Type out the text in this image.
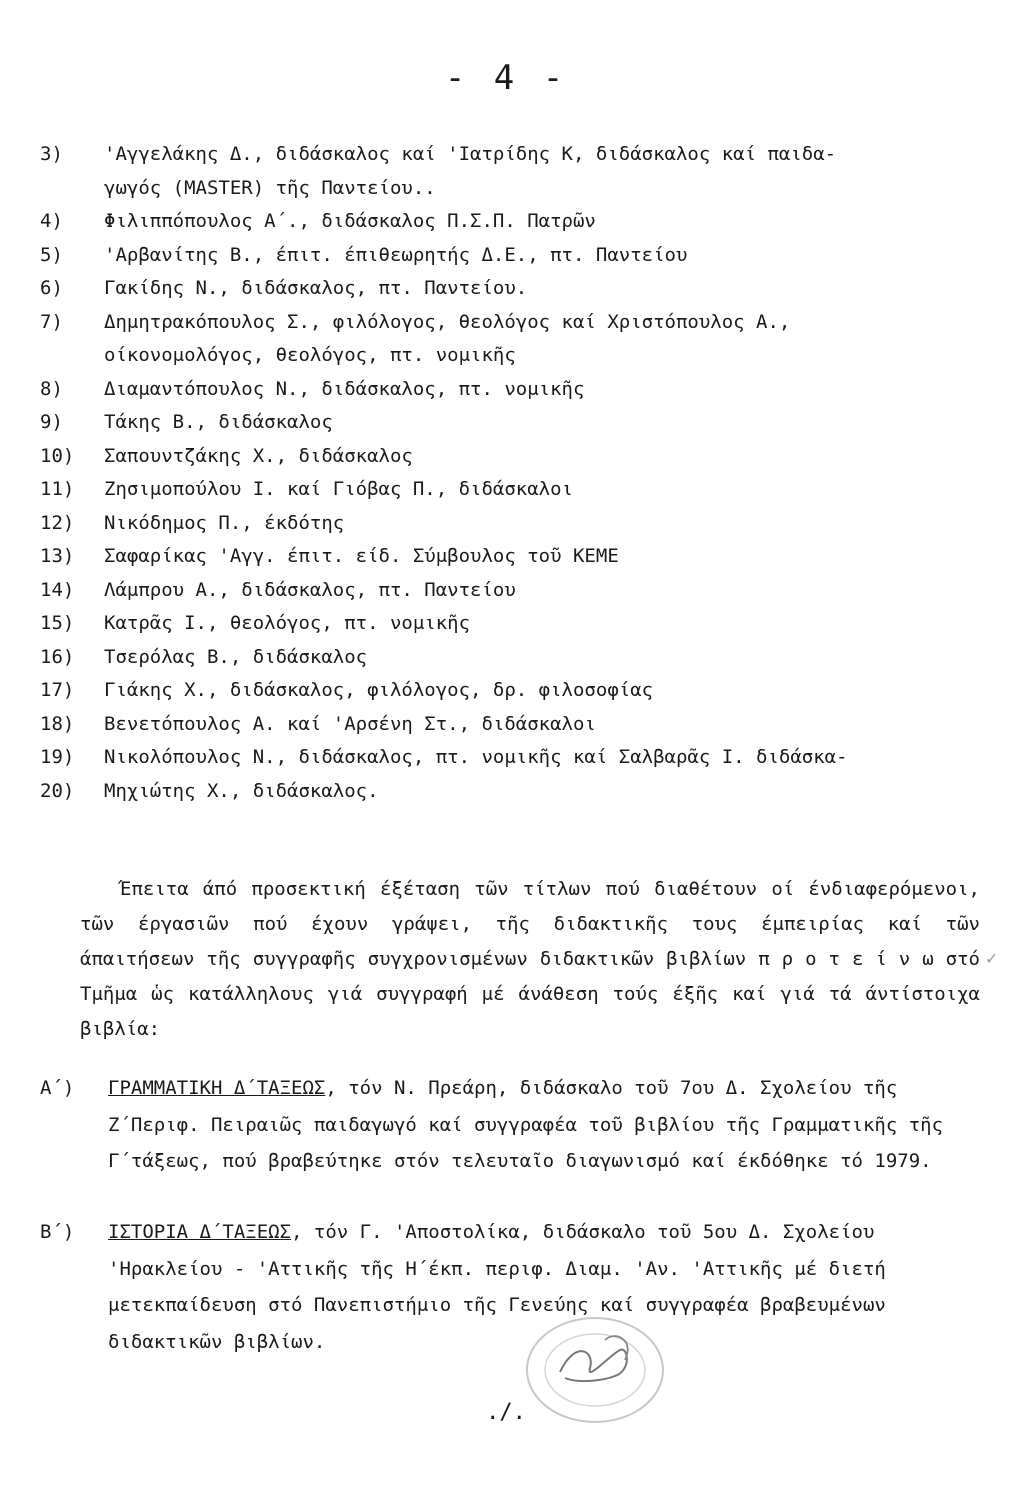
- 4 -
3)	'Αγγελάκης Δ., διδάσκαλος καί 'Ιατρίδης Κ, διδάσκαλος καί παιδα-
γωγός (MASTER) τῆς Παντείου..
4)	Φιλιππόπουλος Α΄., διδάσκαλος Π.Σ.Π. Πατρῶν
5)	'Αρβανίτης Β., έπιτ. έπιθεωρητής Δ.Ε., πτ. Παντείου
6)	Γακίδης Ν., διδάσκαλος, πτ. Παντείου.
7)	Δημητρακόπουλος Σ., φιλόλογος, θεολόγος καί Χριστόπουλος Α.,
οίκονομολόγος, θεολόγος, πτ. νομικῆς
8)	Διαμαντόπουλος Ν., διδάσκαλος, πτ. νομικῆς
9)	Τάκης Β., διδάσκαλος
10)	Σαπουντζάκης Χ., διδάσκαλος
11)	Ζησιμοπούλου Ι. καί Γιόβας Π., διδάσκαλοι
12)	Νικόδημος Π., έκδότης
13)	Σαφαρίκας 'Αγγ. έπιτ. είδ. Σύμβουλος τοῦ ΚΕΜΕ
14)	Λάμπρου Α., διδάσκαλος, πτ. Παντείου
15)	Κατρᾶς Ι., θεολόγος, πτ. νομικῆς
16)	Τσερόλας Β., διδάσκαλος
17)	Γιάκης Χ., διδάσκαλος, φιλόλογος, δρ. φιλοσοφίας
18)	Βενετόπουλος Α. καί 'Αρσένη Στ., διδάσκαλοι
19)	Νικολόπουλος Ν., διδάσκαλος, πτ. νομικῆς καί Σαλβαρᾶς Ι. διδάσκα-
20)	Μηχιώτης Χ., διδάσκαλος.

Έπειτα άπό προσεκτική έξέταση τῶν τίτλων πού διαθέτουν οί ένδιαφερόμενοι, τῶν έργασιῶν πού έχουν γράψει, τῆς διδακτικῆς τους έμπειρίας καί τῶν άπαιτήσεων τῆς συγγραφῆς συγχρονισμένων διδακτικῶν βιβλίων π ρ ο τ ε ί ν ω στό Τμῆμα ὡς κατάλληλους γιά συγγραφή μέ άνάθεση τούς έξῆς καί γιά τά άντίστοιχα βιβλία:

✓
Α΄)	ΓΡΑΜΜΑΤΙΚΗ Δ΄ΤΑΞΕΩΣ, τόν Ν. Πρεάρη, διδάσκαλο τοῦ 7ου Δ. Σχολείου τῆς Ζ΄Περιφ. Πειραιῶς παιδαγωγό καί συγγραφέα τοῦ βιβλίου τῆς Γραμματικῆς τῆς Γ΄τάξεως, πού βραβεύτηκε στόν τελευταῖο διαγωνισμό καί έκδόθηκε τό 1979.
Β΄)	ΙΣΤΟΡΙΑ Δ΄ΤΑΞΕΩΣ, τόν Γ. 'Αποστολίκα, διδάσκαλο τοῦ 5ου Δ. Σχολείου 'Ηρακλείου - 'Αττικῆς τῆς Η΄έκπ. περιφ. Διαμ. 'Αν. 'Αττικῆς μέ διετή μετεκπαίδευση στό Πανεπιστήμιο τῆς Γενεύης καί συγγραφέα βραβευμένων διδακτικῶν βιβλίων.
./.
